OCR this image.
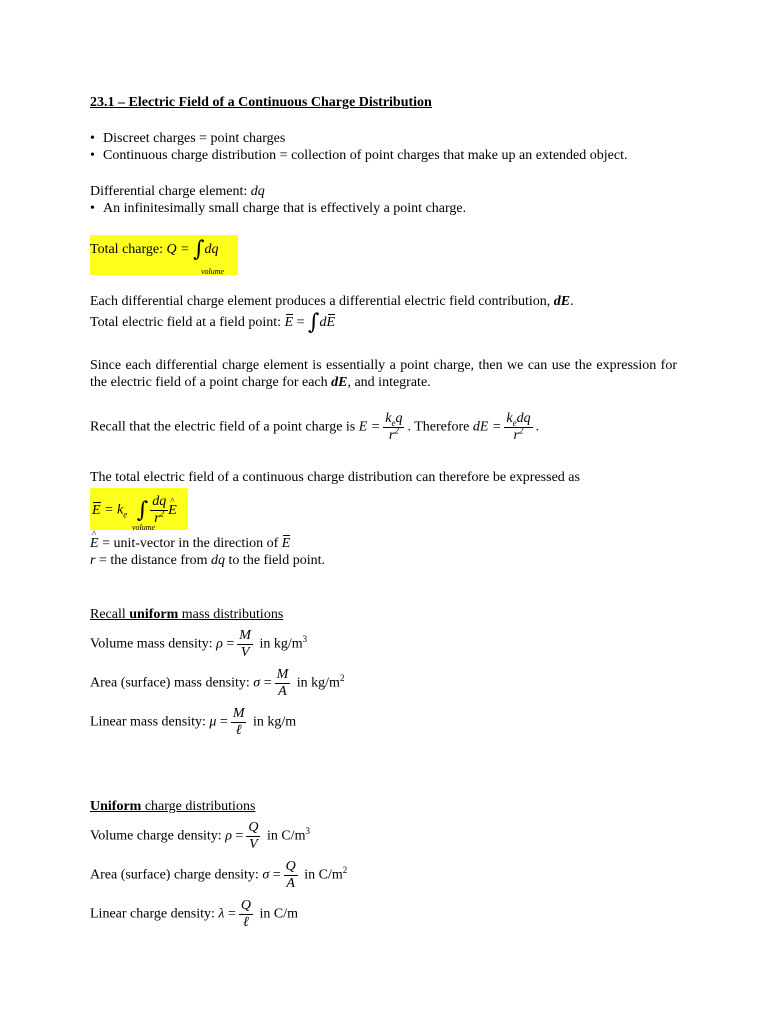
23.1 – Electric Field of a Continuous Charge Distribution
• Discreet charges = point charges
• Continuous charge distribution = collection of point charges that make up an extended object.
Differential charge element: dq
• An infinitesimally small charge that is effectively a point charge.
Total charge: Q = ∫dq
volume
Each differential charge element produces a differential electric field contribution, dE.
Total electric field at a field point: E = ∫dE
Since each differential charge element is essentially a point charge, then we can use the expression for the electric field of a point charge for each dE, and integrate.
Recall that the electric field of a point charge is $E = \frac{k_eq}{r^2}$ . Therefore dE = $\frac{k_edq}{r^2}$ .
The total electric field of a continuous charge distribution can therefore be expressed as
$E = k_e$ ∫ $\frac{dq}{r^2}$
^ E
volume
^ E = unit-vector in the direction of E
r = the distance from dq to the field point.
Recall uniform mass distributions
Volume mass density: $\rho = \frac{M}{V}$ in $kg/m^3$
Area (surface) mass density: $\sigma = \frac{M}{A}$ in $kg/m^2$
Linear mass density: $\mu = \frac{M}{\text{ℓ}}$ in kg/m
Uniform charge distributions
Volume charge density: $\rho = \frac{Q}{V}$ in $C/m^3$
Area (surface) charge density: $\sigma = \frac{Q}{A}$ in $C/m^2$
Linear charge density: $\lambda = \frac{Q}{\text{ℓ}}$ in C/m
